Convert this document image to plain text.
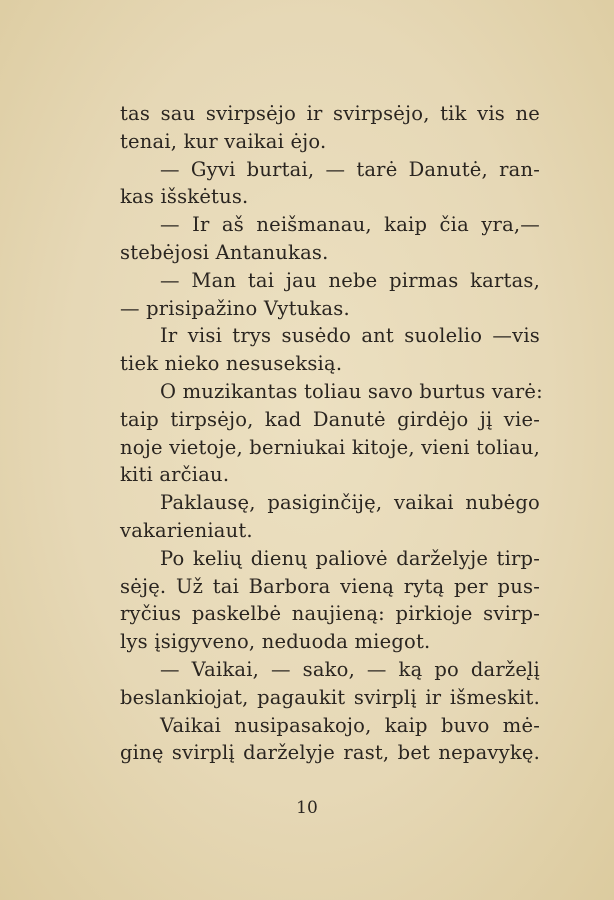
tas sau svirpsėjo ir svirpsėjo, tik vis ne
tenai, kur vaikai ėjo.
— Gyvi burtai, — tarė Danutė, ran-
kas išskėtus.
— Ir aš neišmanau, kaip čia yra,—
stebėjosi Antanukas.
— Man tai jau nebe pirmas kartas,
— prisipažino Vytukas.
Ir visi trys susėdo ant suolelio —vis
tiek nieko nesuseksią.
O muzikantas toliau savo burtus varė:
taip tirpsėjo, kad Danutė girdėjo jį vie-
noje vietoje, berniukai kitoje, vieni toliau,
kiti arčiau.
Paklausę, pasiginčiję, vaikai nubėgo
vakarieniaut.
Po kelių dienų paliovė darželyje tirp-
sėję. Už tai Barbora vieną rytą per pus-
ryčius paskelbė naujieną: pirkioje svirp-
lys įsigyveno, neduoda miegot.
— Vaikai, — sako, — ką po daržel̨į
beslankiojat, pagaukit svirplį ir išmeskit.
Vaikai nusipasakojo, kaip buvo mė-
ginę svirplį darželyje rast, bet nepavykę.
10
